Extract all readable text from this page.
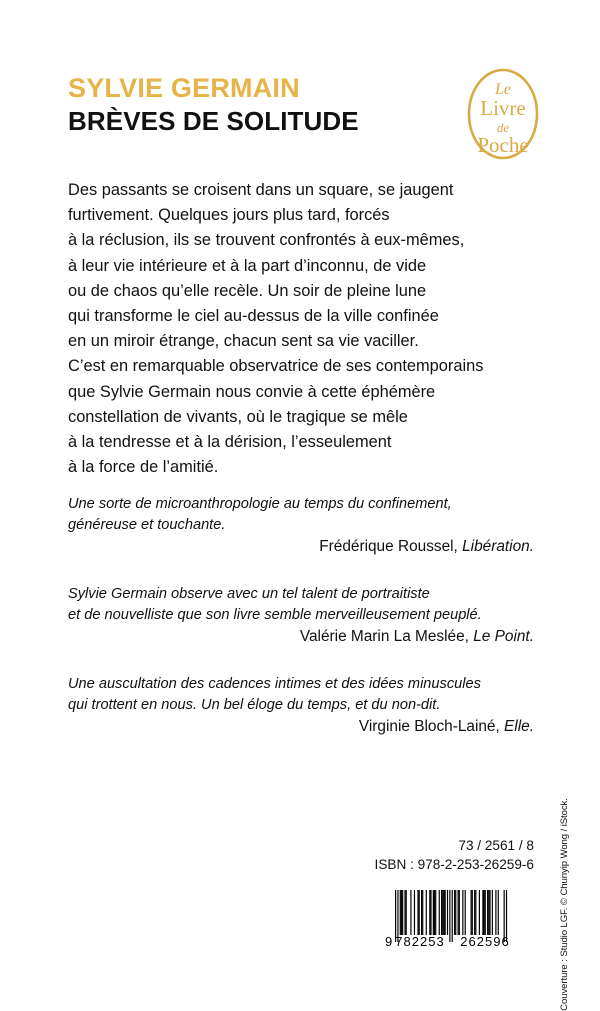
SYLVIE GERMAIN
BRÈVES DE SOLITUDE
Le
Livre
de
Poche
Des passants se croisent dans un square, se jaugent
furtivement. Quelques jours plus tard, forcés
à la réclusion, ils se trouvent confrontés à eux-mêmes,
à leur vie intérieure et à la part d’inconnu, de vide
ou de chaos qu’elle recèle. Un soir de pleine lune
qui transforme le ciel au-dessus de la ville confinée
en un miroir étrange, chacun sent sa vie vaciller.
C’est en remarquable observatrice de ses contemporains
que Sylvie Germain nous convie à cette éphémère
constellation de vivants, où le tragique se mêle
à la tendresse et à la dérision, l’esseulement
à la force de l’amitié.
Une sorte de microanthropologie au temps du confinement,
généreuse et touchante.
Frédérique Roussel, Libération.
Sylvie Germain observe avec un tel talent de portraitiste
et de nouvelliste que son livre semble merveilleusement peuplé.
Valérie Marin La Meslée, Le Point.
Une auscultation des cadences intimes et des idées minuscules
qui trottent en nous. Un bel éloge du temps, et du non-dit.
Virginie Bloch-Lainé, Elle.
Couverture : Studio LGF. © Chunyip Wong / iStock.
73 / 2561 / 8
ISBN : 978-2-253-26259-6
9 782253 262596
